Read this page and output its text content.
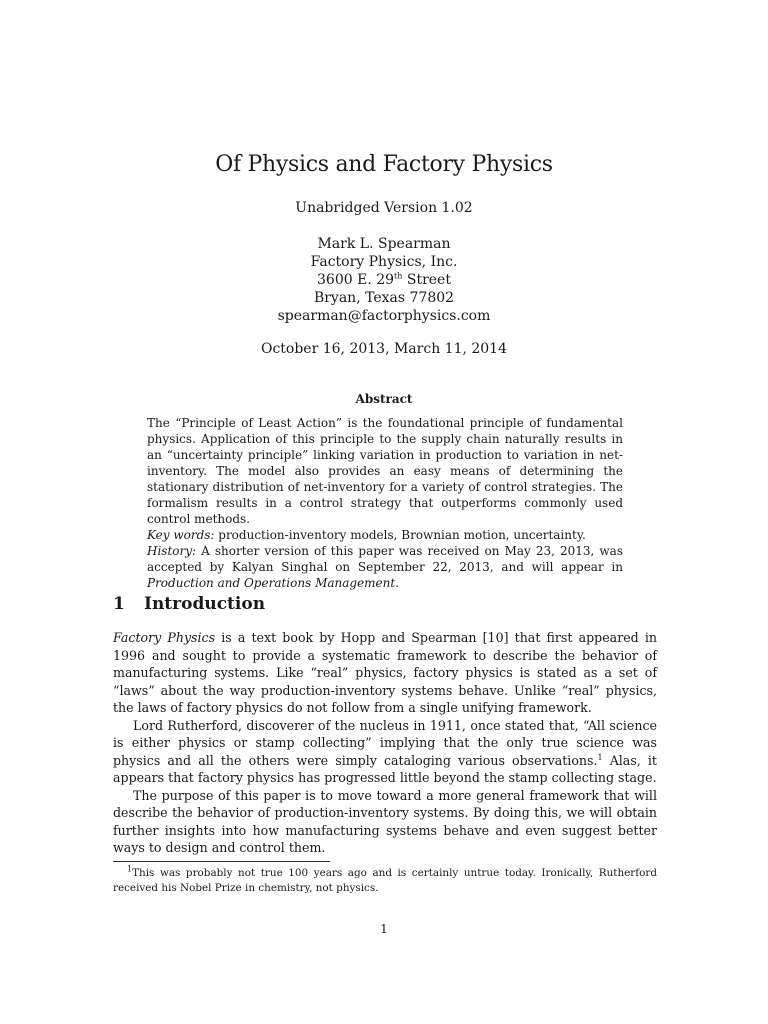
Of Physics and Factory Physics
Unabridged Version 1.02
Mark L. Spearman
Factory Physics, Inc.
3600 E. 29th Street
Bryan, Texas 77802
spearman@factorphysics.com
October 16, 2013, March 11, 2014
Abstract

The “Principle of Least Action” is the foundational principle of fundamental physics. Application of this principle to the supply chain naturally results in an “uncertainty principle” linking variation in production to variation in net-inventory. The model also provides an easy means of determining the stationary distribution of net-inventory for a variety of control strategies. The formalism results in a control strategy that outperforms commonly used control methods.

Key words: production-inventory models, Brownian motion, uncertainty.

History: A shorter version of this paper was received on May 23, 2013, was accepted by Kalyan Singhal on September 22, 2013, and will appear in Production and Operations Management.

1 Introduction

Factory Physics is a text book by Hopp and Spearman [10] that first appeared in 1996 and sought to provide a systematic framework to describe the behavior of manufacturing systems. Like “real” physics, factory physics is stated as a set of “laws” about the way production-inventory systems behave. Unlike “real” physics, the laws of factory physics do not follow from a single unifying framework.

Lord Rutherford, discoverer of the nucleus in 1911, once stated that, “All science is either physics or stamp collecting” implying that the only true science was physics and all the others were simply cataloging various observations.$^1$ Alas, it appears that factory physics has progressed little beyond the stamp collecting stage.

The purpose of this paper is to move toward a more general framework that will describe the behavior of production-inventory systems. By doing this, we will obtain further insights into how manufacturing systems behave and even suggest better ways to design and control them.

$^1$This was probably not true 100 years ago and is certainly untrue today. Ironically, Rutherford received his Nobel Prize in chemistry, not physics.

1
